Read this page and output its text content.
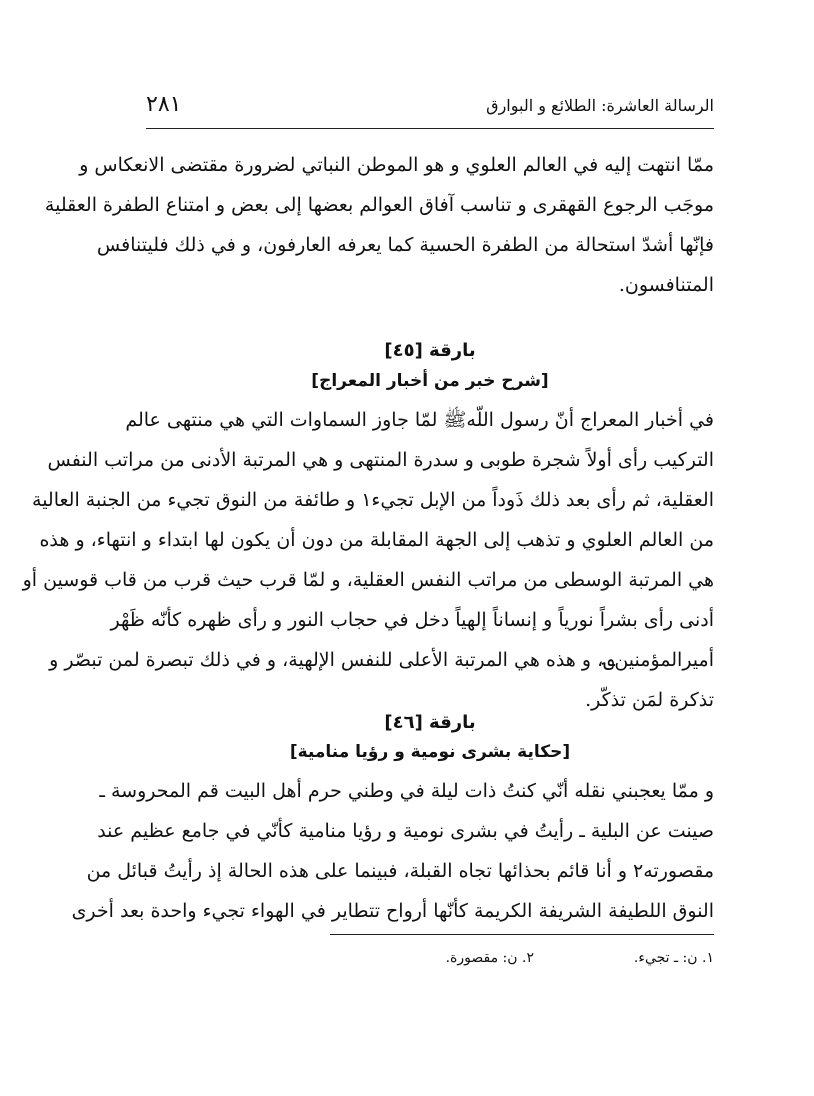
الرسالة العاشرة: الطلائع و البوارق
٢٨١
ممّا انتهت إليه في العالم العلوي و هو الموطن النباتي لضرورة مقتضى الانعكاس و
موجَب الرجوع القهقرى و تناسب آفاق العوالم بعضها إلى بعض و امتناع الطفرة العقلية
فإنّها أشدّ استحالة من الطفرة الحسية كما يعرفه العارفون، و في ذلك فليتنافس
المتنافسون.
بارقة [٤٥]
[شرح خبر من أخبار المعراج]
في أخبار المعراج أنّ رسول اللّهﷺ لمّا جاوز السماوات التي هي منتهى عالم
التركيب رأى أولاً شجرة طوبى و سدرة المنتهى و هي المرتبة الأدنى من مراتب النفس
العقلية، ثم رأى بعد ذلك ذَوداً من الإبل تجيء١ و طائفة من النوق تجيء من الجنبة العالية
من العالم العلوي و تذهب إلى الجهة المقابلة من دون أن يكون لها ابتداء و انتهاء، و هذه
هي المرتبة الوسطى من مراتب النفس العقلية، و لمّا قرب حيث قرب من قاب قوسين أو
أدنى رأى بشراً نورياً و إنساناً إلهياً دخل في حجاب النور و رأى ظهره كأنّه ظَهْر
أميرالمؤمنين؈، و هذه هي المرتبة الأعلى للنفس الإلهية، و في ذلك تبصرة لمن تبصّر و
تذكرة لمَن تذكّر.
بارقة [٤٦]
[حكاية بشرى نومية و رؤيا منامية]
و ممّا يعجبني نقله أنّي كنتُ ذات ليلة في وطني حرم أهل البيت قم المحروسة ـ
صينت عن البلية ـ رأيتُ في بشرى نومية و رؤيا منامية كأنّي في جامع عظيم عند
مقصورته٢ و أنا قائم بحذائها تجاه القبلة، فبينما على هذه الحالة إذ رأيتُ قبائل من
النوق اللطيفة الشريفة الكريمة كأنّها أرواح تتطاير في الهواء تجيء واحدة بعد أخرى
١. ن: ـ تجيء.
٢. ن: مقصورة.
